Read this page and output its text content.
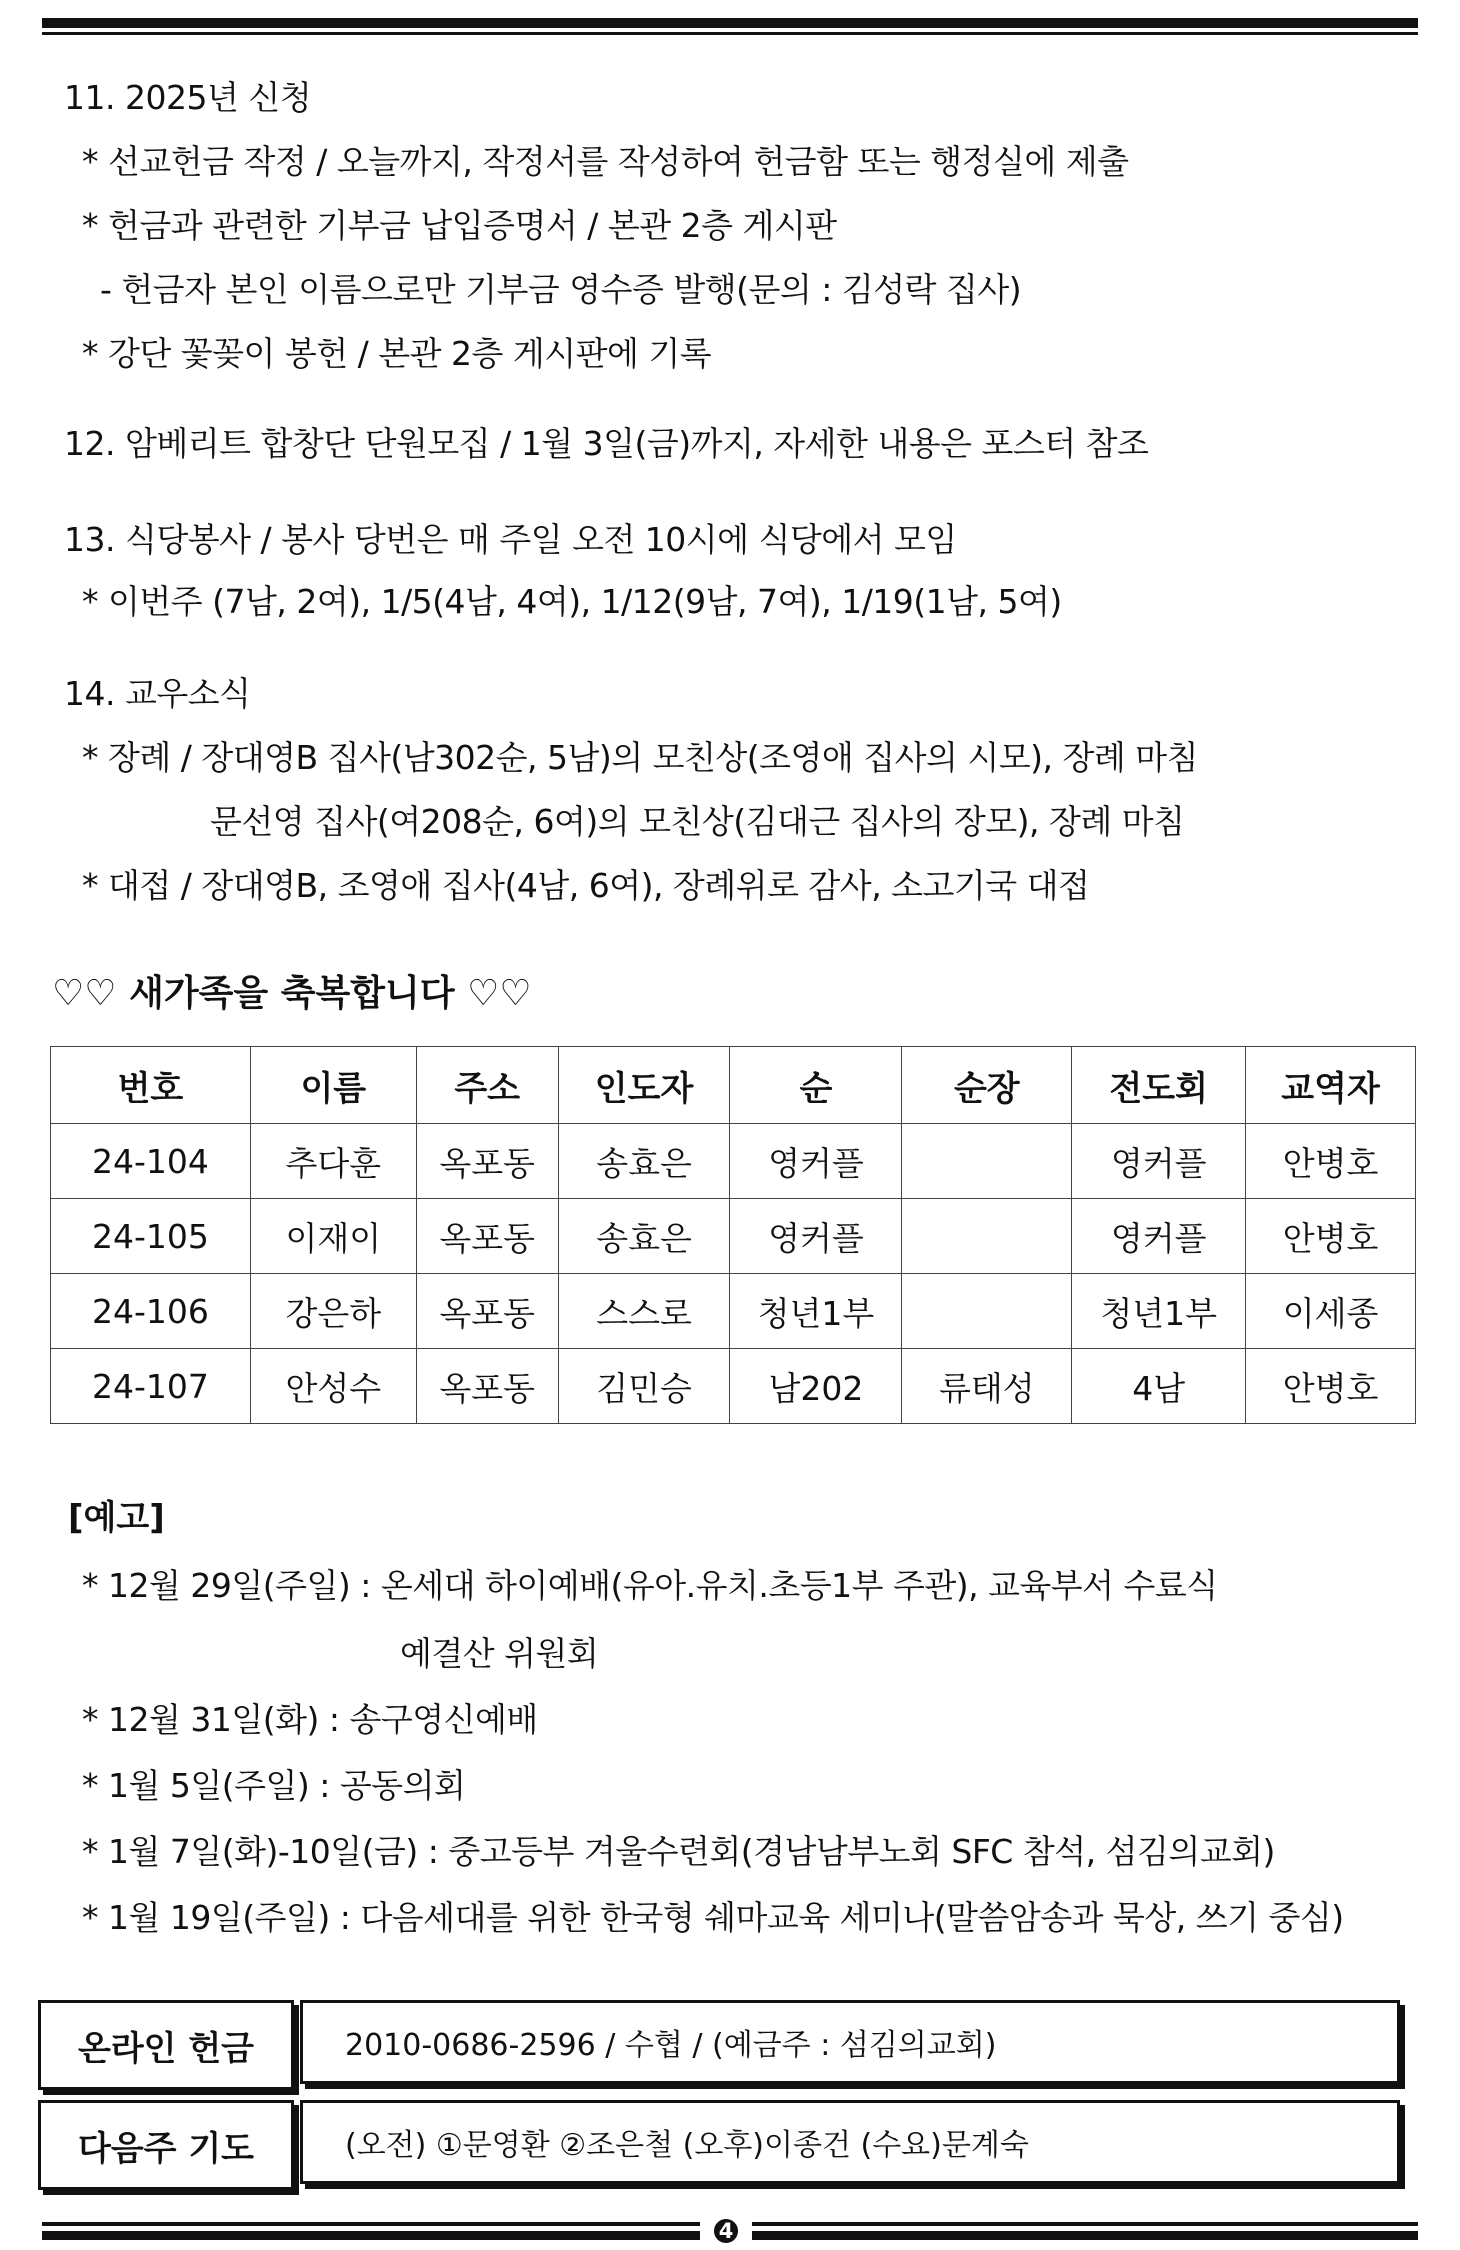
11. 2025년 신청
* 선교헌금 작정 / 오늘까지, 작정서를 작성하여 헌금함 또는 행정실에 제출
* 헌금과 관련한 기부금 납입증명서 / 본관 2층 게시판
- 헌금자 본인 이름으로만 기부금 영수증 발행(문의 : 김성락 집사)
* 강단 꽃꽂이 봉헌 / 본관 2층 게시판에 기록
12. 암베리트 합창단 단원모집 / 1월 3일(금)까지, 자세한 내용은 포스터 참조
13. 식당봉사 / 봉사 당번은 매 주일 오전 10시에 식당에서 모임
* 이번주 (7남, 2여), 1/5(4남, 4여), 1/12(9남, 7여), 1/19(1남, 5여)
14. 교우소식
* 장례 / 장대영B 집사(남302순, 5남)의 모친상(조영애 집사의 시모), 장례 마침
문선영 집사(여208순, 6여)의 모친상(김대근 집사의 장모), 장례 마침
* 대접 / 장대영B, 조영애 집사(4남, 6여), 장례위로 감사, 소고기국 대접
♡♡ 새가족을 축복합니다 ♡♡
번호	이름	주소	인도자	순	순장	전도회	교역자
24-104	추다훈	옥포동	송효은	영커플		영커플	안병호
24-105	이재이	옥포동	송효은	영커플		영커플	안병호
24-106	강은하	옥포동	스스로	청년1부		청년1부	이세종
24-107	안성수	옥포동	김민승	남202	류태성	4남	안병호
[예고]
* 12월 29일(주일) : 온세대 하이예배(유아.유치.초등1부 주관), 교육부서 수료식
예결산 위원회
* 12월 31일(화) : 송구영신예배
* 1월 5일(주일) : 공동의회
* 1월 7일(화)-10일(금) : 중고등부 겨울수련회(경남남부노회 SFC 참석, 섬김의교회)
* 1월 19일(주일) : 다음세대를 위한 한국형 쉐마교육 세미나(말씀암송과 묵상, 쓰기 중심)
온라인 헌금	2010-0686-2596 / 수협 / (예금주 : 섬김의교회)
다음주 기도	(오전) ①문영환 ②조은철 (오후)이종건 (수요)문계숙
4
